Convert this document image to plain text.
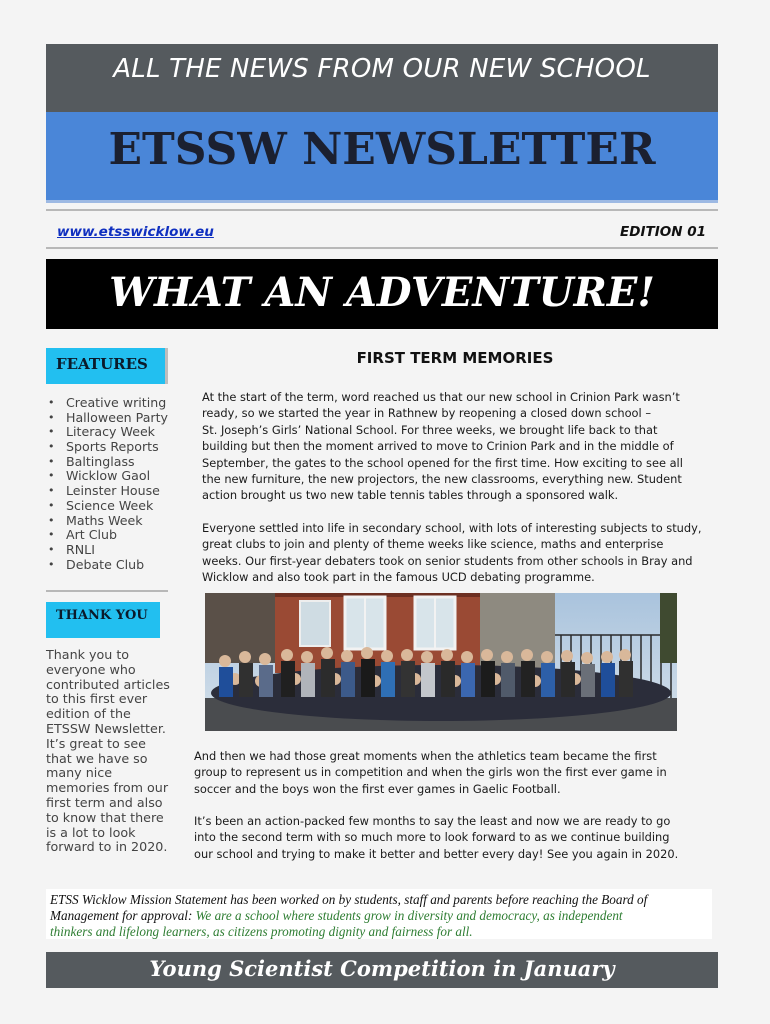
ALL THE NEWS FROM OUR NEW SCHOOL
ETSSW NEWSLETTER
www.etsswicklow.eu	EDITION 01
WHAT AN ADVENTURE!
FEATURES
• Creative writing
• Halloween Party
• Literacy Week
• Sports Reports
• Baltinglass
• Wicklow Gaol
• Leinster House
• Science Week
• Maths Week
• Art Club
• RNLI
• Debate Club
THANK YOU

Thank you to

everyone who

contributed articles

to this first ever

edition of the

ETSSW Newsletter.

It’s great to see

that we have so

many nice

memories from our

first term and also

to know that there

is a lot to look

forward to in 2020.

FIRST TERM MEMORIES

At the start of the term, word reached us that our new school in Crinion Park wasn’t

ready, so we started the year in Rathnew by reopening a closed down school –

St. Joseph’s Girls’ National School. For three weeks, we brought life back to that

building but then the moment arrived to move to Crinion Park and in the middle of

September, the gates to the school opened for the first time. How exciting to see all

the new furniture, the new projectors, the new classrooms, everything new. Student

action brought us two new table tennis tables through a sponsored walk.

Everyone settled into life in secondary school, with lots of interesting subjects to study,

great clubs to join and plenty of theme weeks like science, maths and enterprise

weeks. Our first-year debaters took on senior students from other schools in Bray and

Wicklow and also took part in the famous UCD debating programme.

And then we had those great moments when the athletics team became the first

group to represent us in competition and when the girls won the first ever game in

soccer and the boys won the first ever games in Gaelic Football.

It’s been an action-packed few months to say the least and now we are ready to go

into the second term with so much more to look forward to as we continue building

our school and trying to make it better and better every day! See you again in 2020.

ETSS Wicklow Mission Statement has been worked on by students, staff and parents before reaching the Board of
Management for approval: We are a school where students grow in diversity and democracy, as independent
thinkers and lifelong learners, as citizens promoting dignity and fairness for all.
Young Scientist Competition in January
